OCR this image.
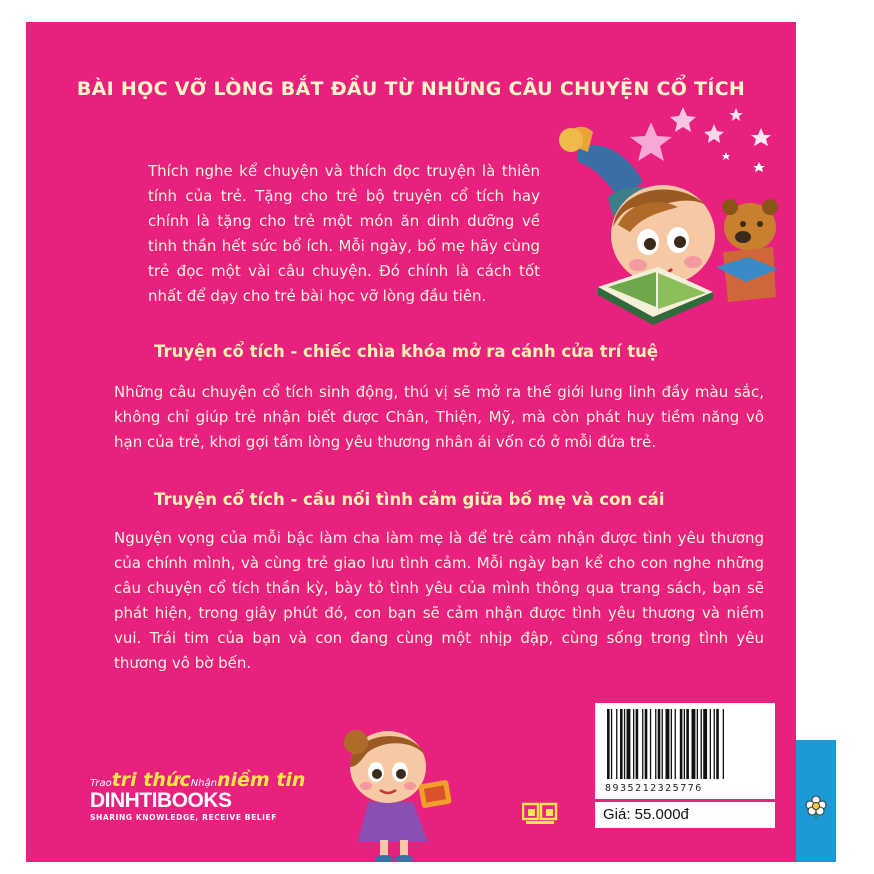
BÀI HỌC VỠ LÒNG BẮT ĐẦU TỪ NHỮNG CÂU CHUYỆN CỔ TÍCH

Thích nghe kể chuyện và thích đọc truyện là thiên tính của trẻ. Tặng cho trẻ bộ truyện cổ tích hay chính là tặng cho trẻ một món ăn dinh dưỡng về tinh thần hết sức bổ ích. Mỗi ngày, bố mẹ hãy cùng trẻ đọc một vài câu chuyện. Đó chính là cách tốt nhất để dạy cho trẻ bài học vỡ lòng đầu tiên.

Truyện cổ tích - chiếc chìa khóa mở ra cánh cửa trí tuệ

Những câu chuyện cổ tích sinh động, thú vị sẽ mở ra thế giới lung linh đầy màu sắc, không chỉ giúp trẻ nhận biết được Chân, Thiện, Mỹ, mà còn phát huy tiềm năng vô hạn của trẻ, khơi gợi tấm lòng yêu thương nhân ái vốn có ở mỗi đứa trẻ.

Truyện cổ tích - cầu nối tình cảm giữa bố mẹ và con cái

Nguyện vọng của mỗi bậc làm cha làm mẹ là để trẻ cảm nhận được tình yêu thương của chính mình, và cùng trẻ giao lưu tình cảm. Mỗi ngày bạn kể cho con nghe những câu chuyện cổ tích thần kỳ, bày tỏ tình yêu của mình thông qua trang sách, bạn sẽ phát hiện, trong giây phút đó, con bạn sẽ cảm nhận được tình yêu thương và niềm vui. Trái tim của bạn và con đang cùng một nhịp đập, cùng sống trong tình yêu thương vô bờ bến.

Traotri thứcNhậnniềm tin
DINHTIBOOKS
SHARING KNOWLEDGE, RECEIVE BELIEF
8935212325776
Giá: 55.000đ
